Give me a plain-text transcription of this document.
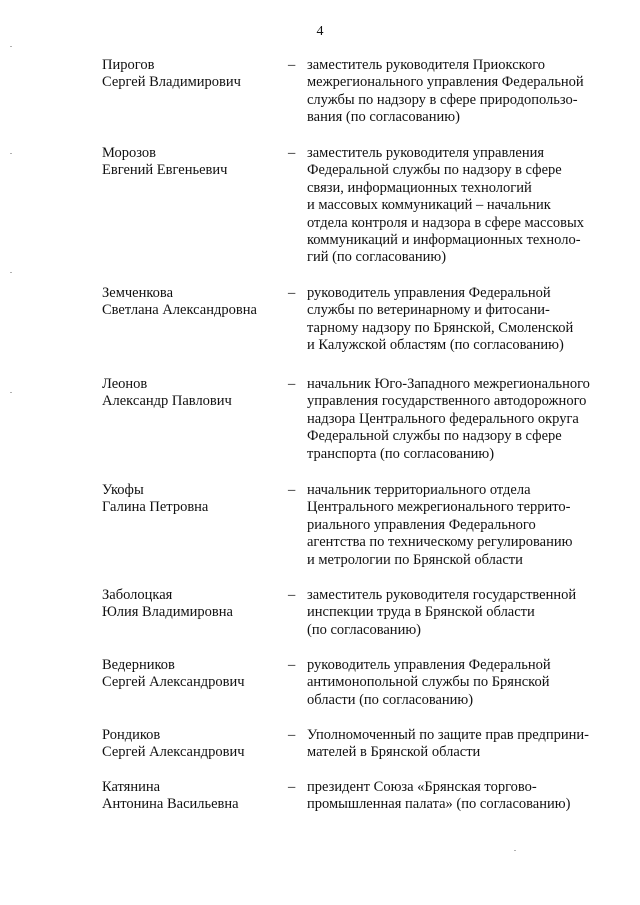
4

Пирогов

Сергей Владимирович

– заместитель руководителя Приокского

межрегионального управления Федеральной

службы по надзору в сфере природопользо-

вания (по согласованию)

Морозов

Евгений Евгеньевич

– заместитель руководителя управления

Федеральной службы по надзору в сфере

связи, информационных технологий

и массовых коммуникаций – начальник

отдела контроля и надзора в сфере массовых

коммуникаций и информационных техноло-

гий (по согласованию)

Земченкова

Светлана Александровна

– руководитель управления Федеральной

службы по ветеринарному и фитосани-

тарному надзору по Брянской, Смоленской

и Калужской областям (по согласованию)

Леонов

Александр Павлович

– начальник Юго-Западного межрегионального

управления государственного автодорожного

надзора Центрального федерального округа

Федеральной службы по надзору в сфере

транспорта (по согласованию)

Укофы

Галина Петровна

– начальник территориального отдела

Центрального межрегионального террито-

риального управления Федерального

агентства по техническому регулированию

и метрологии по Брянской области

Заболоцкая

Юлия Владимировна

– заместитель руководителя государственной

инспекции труда в Брянской области

(по согласованию)

Ведерников

Сергей Александрович

– руководитель управления Федеральной

антимонопольной службы по Брянской

области (по согласованию)

Рондиков

Сергей Александрович

– Уполномоченный по защите прав предприни-

мателей в Брянской области

Катянина

Антонина Васильевна

– президент Союза «Брянская торгово-

промышленная палата» (по согласованию)
